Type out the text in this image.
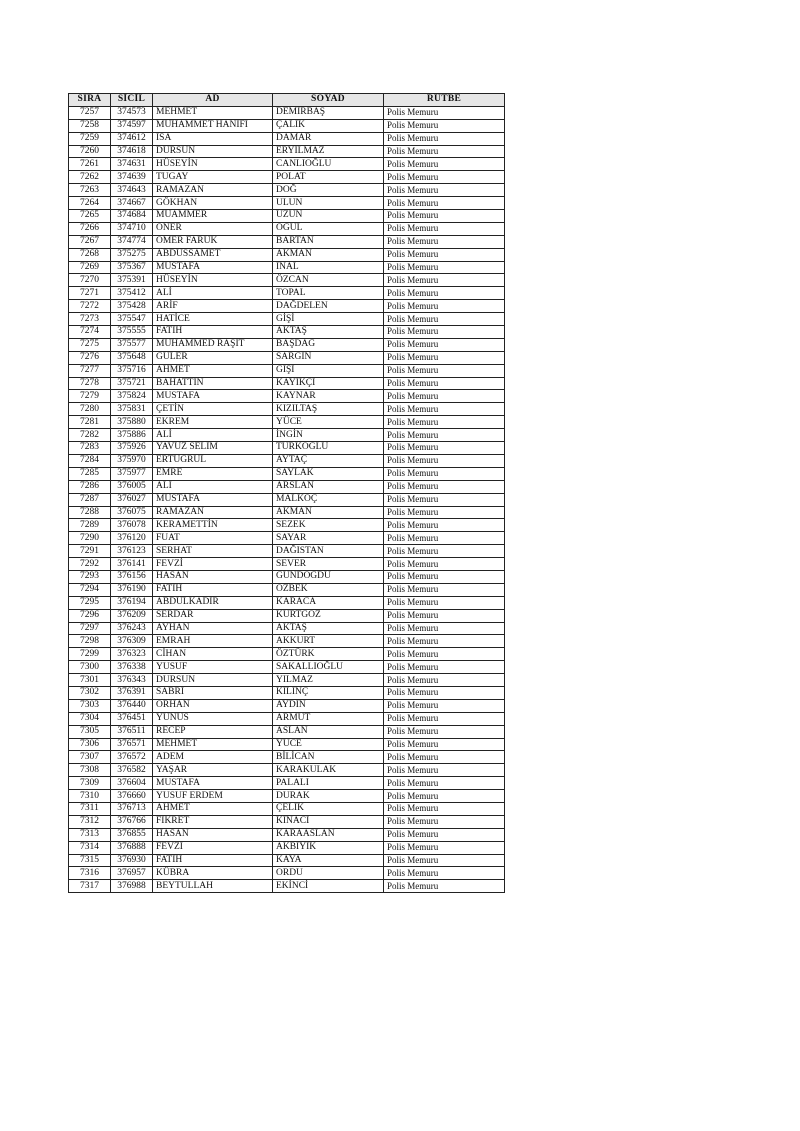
SIRA	SİCİL	AD	SOYAD	RÜTBE
7257	374573	MEHMET	DEMİRBAŞ	Polis Memuru
7258	374597	MUHAMMET HANİFİ	ÇALIK	Polis Memuru
7259	374612	İSA	DAMAR	Polis Memuru
7260	374618	DURSUN	ERYILMAZ	Polis Memuru
7261	374631	HÜSEYİN	CANLIOĞLU	Polis Memuru
7262	374639	TUGAY	POLAT	Polis Memuru
7263	374643	RAMAZAN	DOĞ	Polis Memuru
7264	374667	GÖKHAN	ULUN	Polis Memuru
7265	374684	MUAMMER	UZUN	Polis Memuru
7266	374710	ÖNER	OĞUL	Polis Memuru
7267	374774	ÖMER FARUK	BARTAN	Polis Memuru
7268	375275	ABDUSSAMET	AKMAN	Polis Memuru
7269	375367	MUSTAFA	İNAL	Polis Memuru
7270	375391	HÜSEYİN	ÖZCAN	Polis Memuru
7271	375412	ALİ	TOPAL	Polis Memuru
7272	375428	ARİF	DAĞDELEN	Polis Memuru
7273	375547	HATİCE	GİŞİ	Polis Memuru
7274	375555	FATİH	AKTAŞ	Polis Memuru
7275	375577	MUHAMMED RAŞİT	BAŞDAĞ	Polis Memuru
7276	375648	GÜLER	SARGIN	Polis Memuru
7277	375716	AHMET	GİŞİ	Polis Memuru
7278	375721	BAHATTİN	KAYIKÇI	Polis Memuru
7279	375824	MUSTAFA	KAYNAR	Polis Memuru
7280	375831	ÇETİN	KIZILTAŞ	Polis Memuru
7281	375880	EKREM	YÜCE	Polis Memuru
7282	375886	ALİ	İNGİN	Polis Memuru
7283	375926	YAVUZ SELİM	TÜRKOĞLU	Polis Memuru
7284	375970	ERTUĞRUL	AYTAÇ	Polis Memuru
7285	375977	EMRE	SAYLAK	Polis Memuru
7286	376005	ALİ	ARSLAN	Polis Memuru
7287	376027	MUSTAFA	MALKOÇ	Polis Memuru
7288	376075	RAMAZAN	AKMAN	Polis Memuru
7289	376078	KERAMETTİN	SEZEK	Polis Memuru
7290	376120	FUAT	SAYAR	Polis Memuru
7291	376123	SERHAT	DAĞISTAN	Polis Memuru
7292	376141	FEVZİ	SEVER	Polis Memuru
7293	376156	HASAN	GÜNDOĞDU	Polis Memuru
7294	376190	FATİH	ÖZBEK	Polis Memuru
7295	376194	ABDULKADİR	KARACA	Polis Memuru
7296	376209	SERDAR	KURTGÖZ	Polis Memuru
7297	376243	AYHAN	AKTAŞ	Polis Memuru
7298	376309	EMRAH	AKKURT	Polis Memuru
7299	376323	CİHAN	ÖZTÜRK	Polis Memuru
7300	376338	YUSUF	SAKALLIOĞLU	Polis Memuru
7301	376343	DURSUN	YILMAZ	Polis Memuru
7302	376391	SABRİ	KILINÇ	Polis Memuru
7303	376440	ORHAN	AYDIN	Polis Memuru
7304	376451	YUNUS	ARMUT	Polis Memuru
7305	376511	RECEP	ASLAN	Polis Memuru
7306	376571	MEHMET	YÜCE	Polis Memuru
7307	376572	ADEM	BİLİCAN	Polis Memuru
7308	376582	YAŞAR	KARAKULAK	Polis Memuru
7309	376604	MUSTAFA	PALALI	Polis Memuru
7310	376660	YUSUF ERDEM	DURAK	Polis Memuru
7311	376713	AHMET	ÇELİK	Polis Memuru
7312	376766	FİKRET	KINACI	Polis Memuru
7313	376855	HASAN	KARAASLAN	Polis Memuru
7314	376888	FEVZİ	AKBIYIK	Polis Memuru
7315	376930	FATİH	KAYA	Polis Memuru
7316	376957	KÜBRA	ORDU	Polis Memuru
7317	376988	BEYTULLAH	EKİNCİ	Polis Memuru
